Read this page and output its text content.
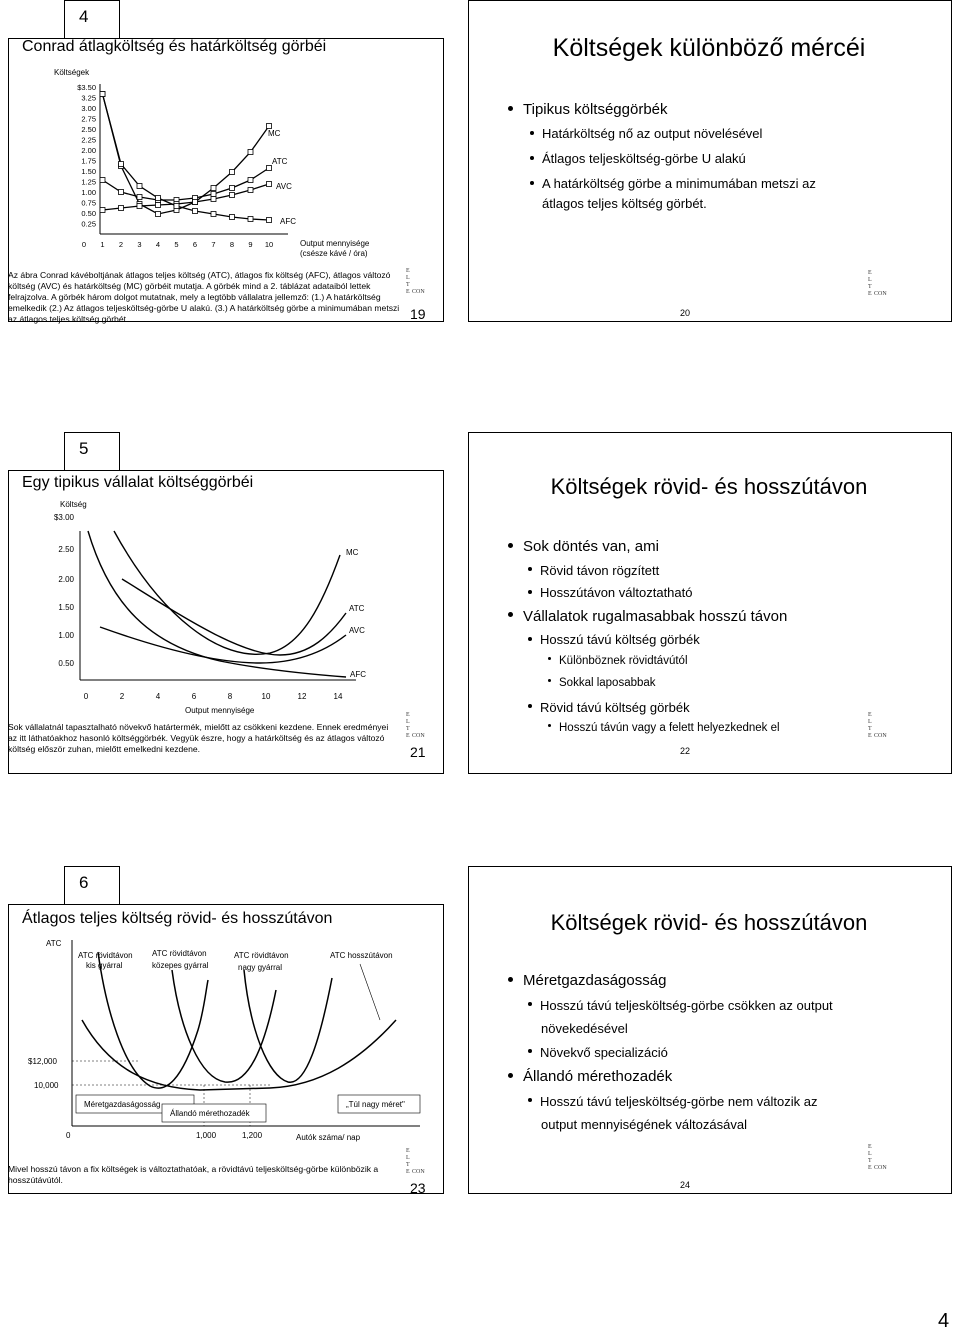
4
Conrad átlagköltség és határköltség görbéi
Költségek
$3.50
3.25
3.00
2.75
2.50
2.25
2.00
1.75
1.50
1.25
1.00
0.75
0.50
0.25
0 1 2 3 4 5 6 7 8 9 10
MC
ATC
AVC
AFC
Output mennyisége
(csésze kávé / óra)
Az ábra Conrad kávéboltjának átlagos teljes költség (ATC), átlagos fix költség (AFC), átlagos változó költség (AVC) és határköltség (MC) görbéit mutatja. A görbék mind a 2. táblázat adataiból lettek felrajzolva. A görbék három dolgot mutatnak, mely a legtöbb vállalatra jellemző: (1.) A határköltség emelkedik (2.) Az átlagos teljesköltség-görbe U alakú. (3.) A határköltség görbe a minimumában metszi az átlagos teljes költség görbét.
E
L
T
E CON
19
Költségek különböző mércéi
Tipikus költséggörbék
Határköltség nő az output növelésével
Átlagos teljesköltség-görbe U alakú
A határköltség görbe a minimumában metszi az
átlagos teljes költség görbét.
E
L
T
E CON
20
5
Egy tipikus vállalat költséggörbéi
Költség
$3.00
2.50
2.00
1.50
1.00
0.50
0	2	4	6	8	10	12	14
MC
ATC
AVC
AFC
Output mennyisége
Sok vállalatnál tapasztalható növekvő határtermék, mielőtt az csökkeni kezdene. Ennek eredményei az itt láthatóakhoz hasonló költséggörbék. Vegyük észre, hogy a határköltség és az átlagos változó költség először zuhan, mielőtt emelkedni kezdene.
E
L
T
E CON
21
Költségek rövid- és hosszútávon
Sok döntés van, ami
Rövid távon rögzített
Hosszútávon változtatható
Vállalatok rugalmasabbak hosszú távon
Hosszú távú költség görbék
Különböznek rövidtávútól
Sokkal laposabbak
Rövid távú költség görbék
Hosszú távún vagy a felett helyezkednek el
E
L
T
E CON
22
6
Átlagos teljes költség rövid- és hosszútávon
ATC
ATC rövidtávon
kis gyárral
ATC rövidtávon
közepes gyárral
ATC rövidtávon
nagy gyárral
ATC hosszútávon
$12,000
10,000
Méretgazdaságosság
Állandó mérethozadék
„Túl nagy méret"
0	1,000	1,200	Autók száma/ nap
Mivel hosszú távon a fix költségek is változtathatóak, a rövidtávú teljesköltség-görbe különbözik a hosszútávútól.
E
L
T
E CON
23
Költségek rövid- és hosszútávon
Méretgazdaságosság
Hosszú távú teljesköltség-görbe csökken az output
növekedésével
Növekvő specializáció
Állandó mérethozadék
Hosszú távú teljesköltség-görbe nem változik az
output mennyiségének változásával
E
L
T
E CON
24
4
